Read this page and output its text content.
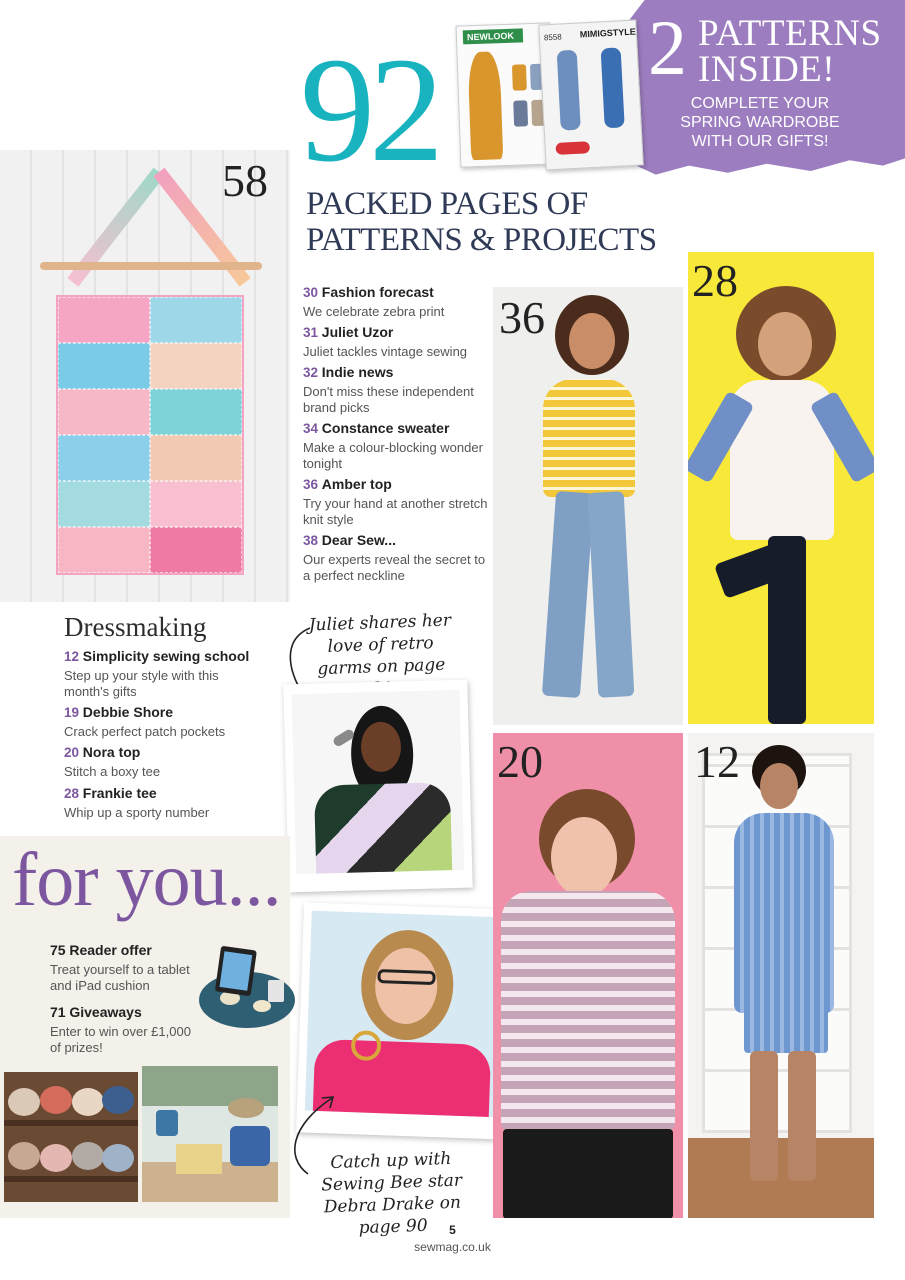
2 PATTERNS
INSIDE!
COMPLETE YOUR
SPRING WARDROBE
WITH OUR GIFTS!
NEWLOOK	8558 MIMIGSTYLE
92
PACKED PAGES OF
PATTERNS & PROJECTS
58
30 Fashion forecast
We celebrate zebra print
31 Juliet Uzor
Juliet tackles vintage sewing
32 Indie news
Don't miss these independent brand picks
34 Constance sweater
Make a colour-blocking wonder tonight
36 Amber top
Try your hand at another stretch knit style
38 Dear Sew...
Our experts reveal the secret to a perfect neckline
36
28
Dressmaking
12 Simplicity sewing school
Step up your style with this month's gifts
19 Debbie Shore
Crack perfect patch pockets
20 Nora top
Stitch a boxy tee
28 Frankie tee
Whip up a sporty number
Juliet shares her love of retro garms on page
for you...
75 Reader offer
Treat yourself to a tablet and iPad cushion
71 Giveaways
Enter to win over £1,000 of prizes!
Catch up with Sewing Bee star Debra Drake on page 90
20	12
5
sewmag.co.uk
